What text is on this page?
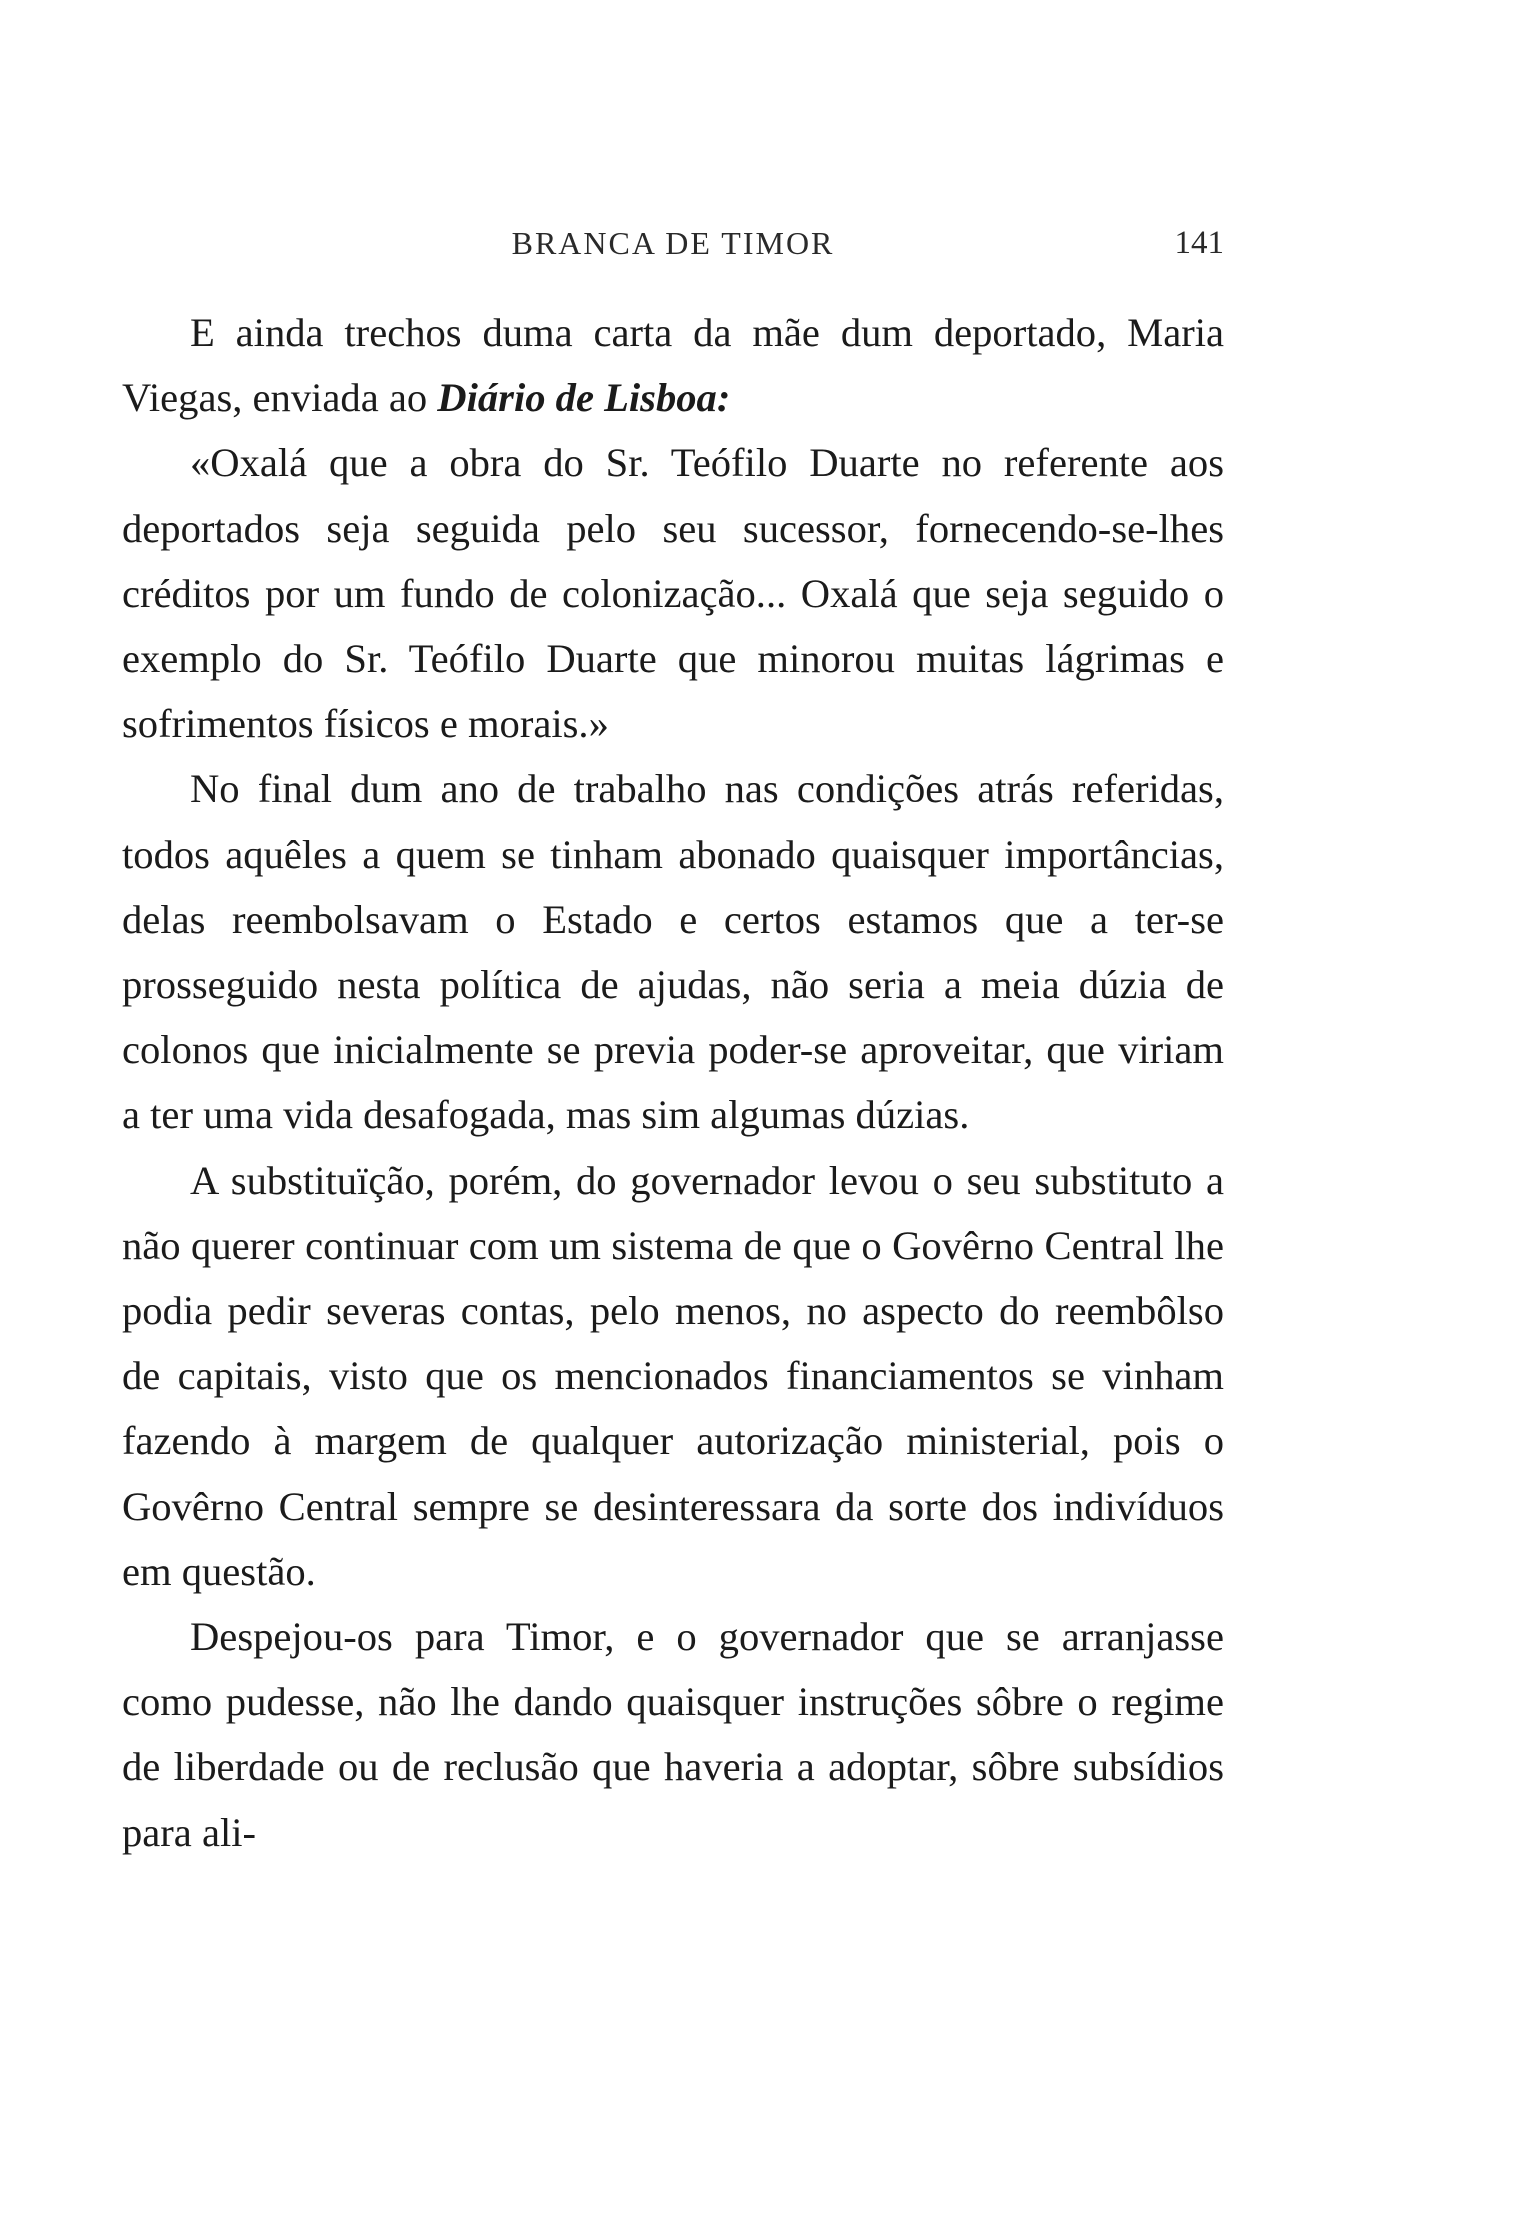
BRANCA DE TIMOR	141

E ainda trechos duma carta da mãe dum deportado, Maria Viegas, enviada ao Diário de Lisboa:

«Oxalá que a obra do Sr. Teófilo Duarte no referente aos deportados seja seguida pelo seu sucessor, fornecendo-se-lhes créditos por um fundo de colonização... Oxalá que seja seguido o exemplo do Sr. Teófilo Duarte que minorou muitas lágrimas e sofrimentos físicos e morais.»

No final dum ano de trabalho nas condições atrás referidas, todos aquêles a quem se tinham abonado quaisquer importâncias, delas reembolsavam o Estado e certos estamos que a ter-se prosseguido nesta política de ajudas, não seria a meia dúzia de colonos que inicialmente se previa poder-se aproveitar, que viriam a ter uma vida desafogada, mas sim algumas dúzias.

A substituïção, porém, do governador levou o seu substituto a não querer continuar com um sistema de que o Govêrno Central lhe podia pedir severas contas, pelo menos, no aspecto do reembôlso de capitais, visto que os mencionados financiamentos se vinham fazendo à margem de qualquer autorização ministerial, pois o Govêrno Central sempre se desinteressara da sorte dos indivíduos em questão.

Despejou-os para Timor, e o governador que se arranjasse como pudesse, não lhe dando quaisquer instruções sôbre o regime de liberdade ou de reclusão que haveria a adoptar, sôbre subsídios para ali-
